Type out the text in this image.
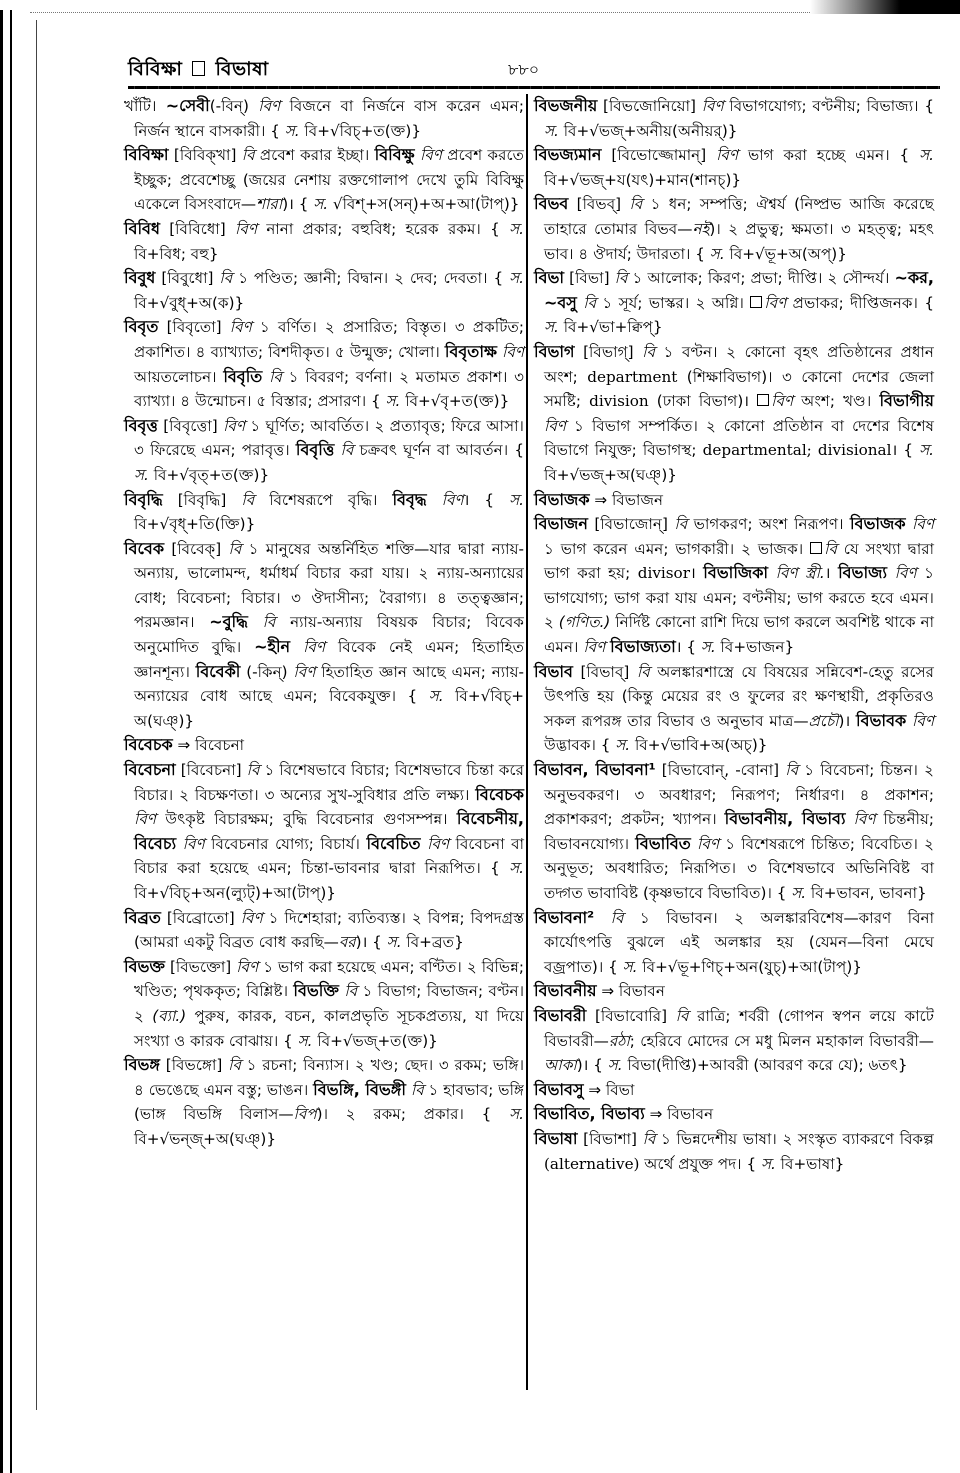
বিবিক্ষা বিভাষা	৮৮০

খাঁটি। ~সেবী(-বিন্) বিণ বিজনে বা নির্জনে বাস করেন এমন; নির্জন স্থানে বাসকারী। { স. বি+√বিচ্+ত(ক্ত)}

বিবিক্ষা [বিবিক্খা] বি প্রবেশ করার ইচ্ছা। বিবিক্ষু বিণ প্রবেশ করতে ইচ্ছুক; প্রবেশেচ্ছু (জয়ের নেশায় রক্তগোলাপ দেখে তুমি বিবিক্ষু একেলে বিসংবাদে—শারা)। { স. √বিশ্+স(সন্)+অ+আ(টাপ্)}

বিবিধ [বিবিধো] বিণ নানা প্রকার; বহুবিধ; হরেক রকম। { স. বি+বিধ; বহু}

বিবুধ [বিবুধো] বি ১ পণ্ডিত; জ্ঞানী; বিদ্বান। ২ দেব; দেবতা। { স. বি+√বুধ্+অ(ক)}

বিবৃত [বিবৃতো] বিণ ১ বর্ণিত। ২ প্রসারিত; বিস্তৃত। ৩ প্রকটিত; প্রকাশিত। ৪ ব্যাখ্যাত; বিশদীকৃত। ৫ উন্মুক্ত; খোলা। বিবৃতাক্ষ বিণ আয়তলোচন। বিবৃতি বি ১ বিবরণ; বর্ণনা। ২ মতামত প্রকাশ। ৩ ব্যাখ্যা। ৪ উন্মোচন। ৫ বিস্তার; প্রসারণ। { স. বি+√বৃ+ত(ক্ত)}

বিবৃত্ত [বিবৃত্তো] বিণ ১ ঘূর্ণিত; আবর্তিত। ২ প্রত্যাবৃত্ত; ফিরে আসা। ৩ ফিরেছে এমন; পরাবৃত্ত। বিবৃত্তি বি চক্রবৎ ঘূর্ণন বা আবর্তন। { স. বি+√বৃত্+ত(ক্ত)}

বিবৃদ্ধি [বিবৃদ্ধি] বি বিশেষরূপে বৃদ্ধি। বিবৃদ্ধ বিণ। { স. বি+√বৃধ্+তি(ক্তি)}

বিবেক [বিবেক্] বি ১ মানুষের অন্তর্নিহিত শক্তি—যার দ্বারা ন্যায়-অন্যায়, ভালোমন্দ, ধর্মাধর্ম বিচার করা যায়। ২ ন্যায়-অন্যায়ের বোধ; বিবেচনা; বিচার। ৩ ঔদাসীন্য; বৈরাগ্য। ৪ তত্ত্বজ্ঞান; পরমজ্ঞান। ~বুদ্ধি বি ন্যায়-অন্যায় বিষয়ক বিচার; বিবেক অনুমোদিত বুদ্ধি। ~হীন বিণ বিবেক নেই এমন; হিতাহিত জ্ঞানশূন্য। বিবেকী (-কিন্) বিণ হিতাহিত জ্ঞান আছে এমন; ন্যায়-অন্যায়ের বোধ আছে এমন; বিবেকযুক্ত। { স. বি+√বিচ্+ অ(ঘঞ্)}

বিবেচক ⇒ বিবেচনা

বিবেচনা [বিবেচনা] বি ১ বিশেষভাবে বিচার; বিশেষভাবে চিন্তা করে বিচার। ২ বিচক্ষণতা। ৩ অন্যের সুখ-সুবিধার প্রতি লক্ষ্য। বিবেচক বিণ উৎকৃষ্ট বিচারক্ষম; বুদ্ধি বিবেচনার গুণসম্পন্ন। বিবেচনীয়, বিবেচ্য বিণ বিবেচনার যোগ্য; বিচার্য। বিবেচিত বিণ বিবেচনা বা বিচার করা হয়েছে এমন; চিন্তা-ভাবনার দ্বারা নিরূপিত। { স. বি+√বিচ্+অন(ল্যুট্)+আ(টাপ্)}

বিব্রত [বিব্রোতো] বিণ ১ দিশেহারা; ব্যতিব্যস্ত। ২ বিপন্ন; বিপদগ্রস্ত (আমরা একটু বিব্রত বোধ করছি—বর)। { স. বি+ব্রত}

বিভক্ত [বিভক্তো] বিণ ১ ভাগ করা হয়েছে এমন; বণ্টিত। ২ বিভিন্ন; খণ্ডিত; পৃথককৃত; বিশ্লিষ্ট। বিভক্তি বি ১ বিভাগ; বিভাজন; বণ্টন। ২ (ব্যা.) পুরুষ, কারক, বচন, কালপ্রভৃতি সূচকপ্রত্যয়, যা দিয়ে সংখ্যা ও কারক বোঝায়। { স. বি+√ভজ্+ত(ক্ত)}

বিভঙ্গ [বিভঙ্গো] বি ১ রচনা; বিন্যাস। ২ খণ্ড; ছেদ। ৩ রকম; ভঙ্গি। ৪ ভেঙেছে এমন বস্তু; ভাঙন। বিভঙ্গি, বিভঙ্গী বি ১ হাবভাব; ভঙ্গি (ভাঙ্গ বিভঙ্গি বিলাস—বিপ)। ২ রকম; প্রকার। { স. বি+√ভন্জ্+অ(ঘঞ্)}

বিভজনীয় [বিভজোনিয়ো] বিণ বিভাগযোগ্য; বণ্টনীয়; বিভাজ্য। { স. বি+√ভজ্+অনীয়(অনীয়র্)}

বিভজ্যমান [বিভোজ্জোমান্] বিণ ভাগ করা হচ্ছে এমন। { স. বি+√ভজ্+য(যৎ)+মান(শানচ্)}

বিভব [বিভব্] বি ১ ধন; সম্পত্তি; ঐশ্বর্য (নিষ্প্রভ আজি করেছে তাহারে তোমার বিভব—নই)। ২ প্রভুত্ব; ক্ষমতা। ৩ মহত্ত্ব; মহৎ ভাব। ৪ ঔদার্য; উদারতা। { স. বি+√ভূ+অ(অপ্)}

বিভা [বিভা] বি ১ আলোক; কিরণ; প্রভা; দীপ্তি। ২ সৌন্দর্য। ~কর, ~বসু বি ১ সূর্য; ভাস্কর। ২ অগ্নি। বিণ প্রভাকর; দীপ্তিজনক। { স. বি+√ভা+ক্বিপ্}

বিভাগ [বিভাগ্] বি ১ বণ্টন। ২ কোনো বৃহৎ প্রতিষ্ঠানের প্রধান অংশ; department (শিক্ষাবিভাগ)। ৩ কোনো দেশের জেলা সমষ্টি; division (ঢাকা বিভাগ)। বিণ অংশ; খণ্ড। বিভাগীয় বিণ ১ বিভাগ সম্পর্কিত। ২ কোনো প্রতিষ্ঠান বা দেশের বিশেষ বিভাগে নিযুক্ত; বিভাগস্থ; departmental; divisional। { স. বি+√ভজ্+অ(ঘঞ্)}

বিভাজক ⇒ বিভাজন

বিভাজন [বিভাজোন্] বি ভাগকরণ; অংশ নিরূপণ। বিভাজক বিণ ১ ভাগ করেন এমন; ভাগকারী। ২ ভাজক। বি যে সংখ্যা দ্বারা ভাগ করা হয়; divisor। বিভাজিকা বিণ স্ত্রী.। বিভাজ্য বিণ ১ ভাগযোগ্য; ভাগ করা যায় এমন; বণ্টনীয়; ভাগ করতে হবে এমন। ২ (গণিত.) নির্দিষ্ট কোনো রাশি দিয়ে ভাগ করলে অবশিষ্ট থাকে না এমন। বিণ বিভাজ্যতা। { স. বি+ভাজন}

বিভাব [বিভাব্] বি অলঙ্কারশাস্ত্রে যে বিষয়ের সন্নিবেশ-হেতু রসের উৎপত্তি হয় (কিন্তু মেয়ের রং ও ফুলের রং ক্ষণস্থায়ী, প্রকৃতিরও সকল রূপরঙ্গ তার বিভাব ও অনুভাব মাত্র—প্রচৌ)। বিভাবক বিণ উদ্ভাবক। { স. বি+√ভাবি+অ(অচ্)}

বিভাবন, বিভাবনা¹ [বিভাবোন্, -বোনা] বি ১ বিবেচনা; চিন্তন। ২ অনুভবকরণ। ৩ অবধারণ; নিরূপণ; নির্ধারণ। ৪ প্রকাশন; প্রকাশকরণ; প্রকটন; খ্যাপন। বিভাবনীয়, বিভাব্য বিণ চিন্তনীয়; বিভাবনযোগ্য। বিভাবিত বিণ ১ বিশেষরূপে চিন্তিত; বিবেচিত। ২ অনুভূত; অবধারিত; নিরূপিত। ৩ বিশেষভাবে অভিনিবিষ্ট বা তদ্গত ভাবাবিষ্ট (কৃষ্ণভাবে বিভাবিত)। { স. বি+ভাবন, ভাবনা}

বিভাবনা² বি ১ বিভাবন। ২ অলঙ্কারবিশেষ—কারণ বিনা কার্যোৎপত্তি বুঝলে এই অলঙ্কার হয় (যেমন—বিনা মেঘে বজ্রপাত)। { স. বি+√ভূ+ণিচ্+অন(যুচ্)+আ(টাপ্)}

বিভাবনীয় ⇒ বিভাবন

বিভাবরী [বিভাবোরি] বি রাত্রি; শর্বরী (গোপন স্বপন লয়ে কাটে বিভাবরী—রঠা; হেরিবে মোদের সে মধু মিলন মহাকাল বিভাবরী—আকা)। { স. বিভা(দীপ্তি)+আবরী (আবরণ করে যে); ৬তৎ}

বিভাবসু ⇒ বিভা

বিভাবিত, বিভাব্য ⇒ বিভাবন

বিভাষা [বিভাশা] বি ১ ভিন্নদেশীয় ভাষা। ২ সংস্কৃত ব্যাকরণে বিকল্প (alternative) অর্থে প্রযুক্ত পদ। { স. বি+ভাষা}
